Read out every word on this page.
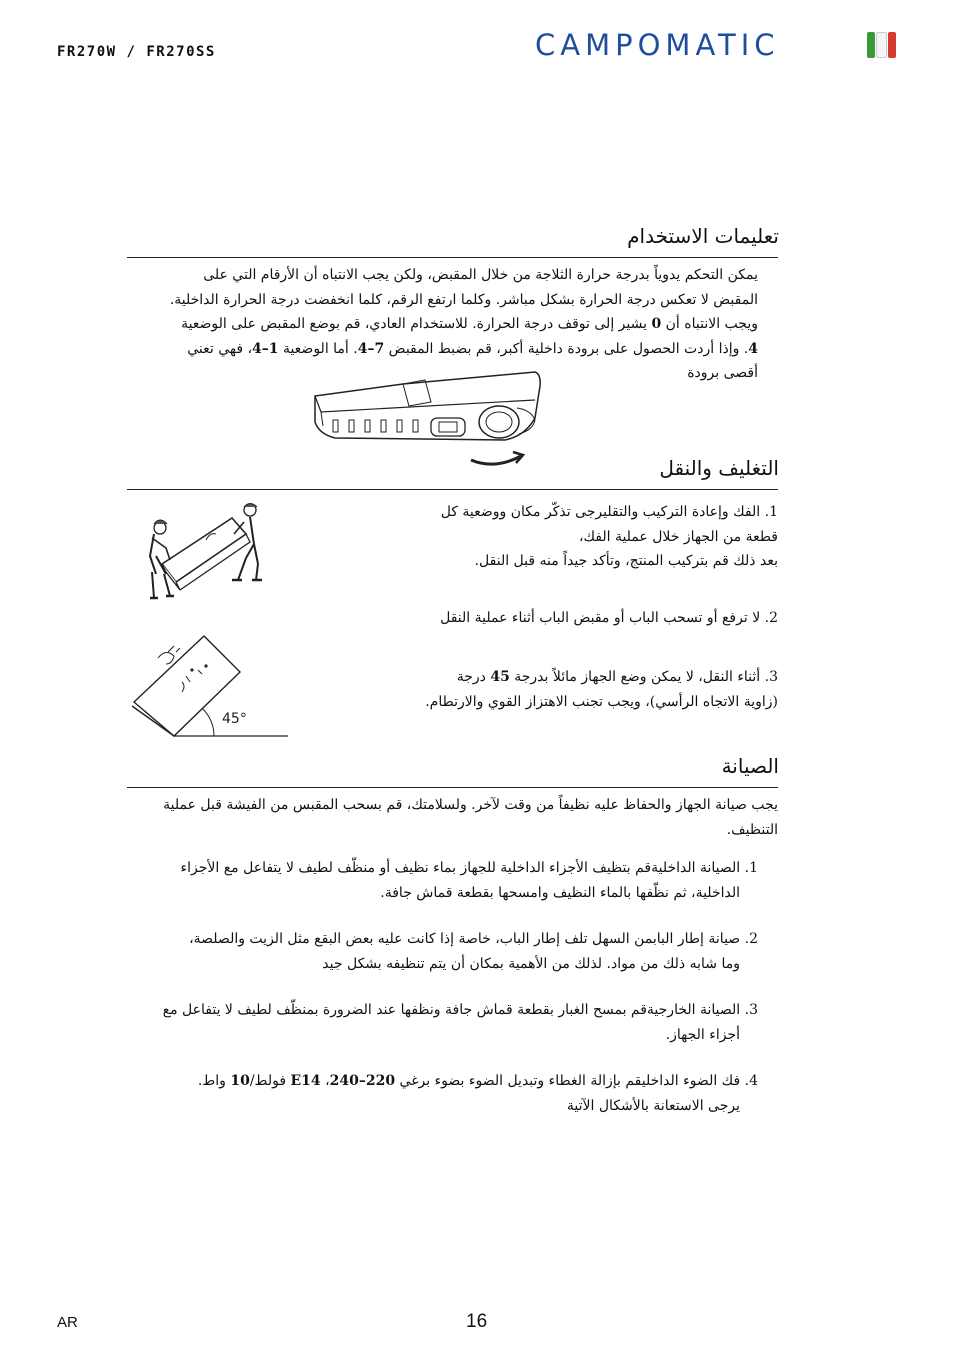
FR270W / FR270SS	CAMPOMATIC
تعليمات الاستخدام
يمكن التحكم يدوياً بدرجة حرارة الثلاجة من خلال المقبض، ولكن يجب الانتباه أن الأرقام التي على
المقبض لا تعكس درجة الحرارة بشكل مباشر. وكلما ارتفع الرقم، كلما انخفضت درجة الحرارة الداخلية.
ويجب الانتباه أن 0 يشير إلى توقف درجة الحرارة. للاستخدام العادي، قم بوضع المقبض على الوضعية
4. وإذا أردت الحصول على برودة داخلية أكبر، قم بضبط المقبض 7–4. أما الوضعية 1–4، فهي تعني
أقصى برودة
التغليف والنقل
1. الفك وإعادة التركيب والتقليرجى تذكّر مكان ووضعية كل
قطعة من الجهاز خلال عملية الفك،
بعد ذلك قم بتركيب المنتج، وتأكد جيداً منه قبل النقل.
2. لا ترفع أو تسحب الباب أو مقبض الباب أثناء عملية النقل
3. أثناء النقل، لا يمكن وضع الجهاز مائلاً بدرجة 45 درجة
(زاوية الاتجاه الرأسي)، ويجب تجنب الاهتزاز القوي والارتطام.
45°
الصيانة
يجب صيانة الجهاز والحفاظ عليه نظيفاً من وقت لآخر. ولسلامتك، قم بسحب المقبس من الفيشة قبل عملية
التنظيف.
1. الصيانة الداخليةقم بتظيف الأجزاء الداخلية للجهاز بماء نظيف أو منظّف لطيف لا يتفاعل مع الأجزاء
الداخلية، ثم نظّفها بالماء النظيف وامسحها بقطعة قماش جافة.
2. صيانة إطار البابمن السهل تلف إطار الباب، خاصة إذا كانت عليه بعض البقع مثل الزيت والصلصة،
وما شابه ذلك من مواد. لذلك من الأهمية بمكان أن يتم تنظيفه بشكل جيد
3. الصيانة الخارجيةقم بمسح الغبار بقطعة قماش جافة ونظفها عند الضرورة بمنظّف لطيف لا يتفاعل مع
أجزاء الجهاز.
4. فك الضوء الداخليقم بإزالة الغطاء وتبديل الضوء بضوء برغي 220–240، E14 فولط/10 واط.
يرجى الاستعانة بالأشكال الآتية
AR	16
